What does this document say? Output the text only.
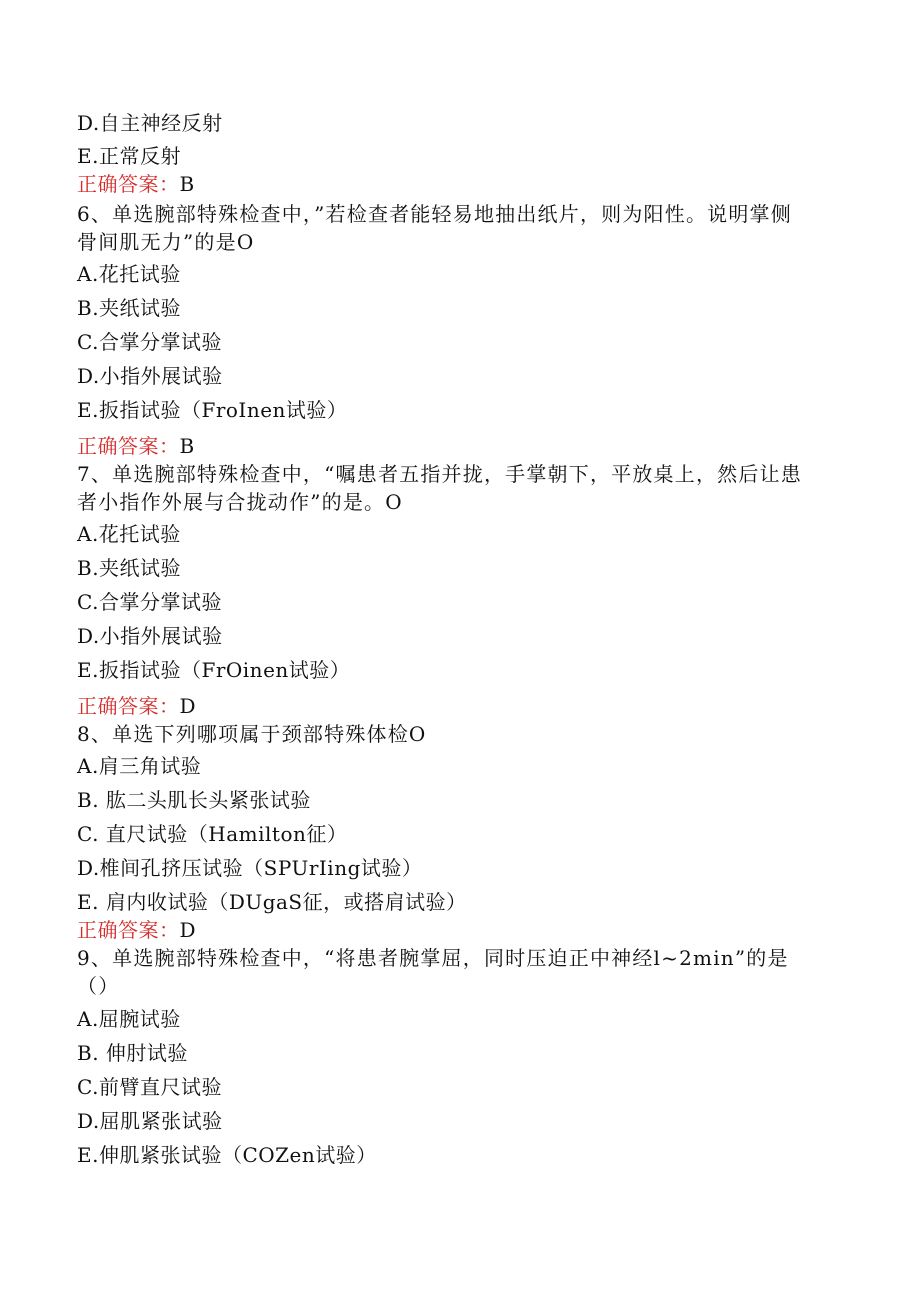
D.自主神经反射
E.正常反射
正确答案：B
6、单选腕部特殊检查中，”若检查者能轻易地抽出纸片，则为阳性。说明掌侧
骨间肌无力”的是O
A.花托试验
B.夹纸试验
C.合掌分掌试验
D.小指外展试验
E.扳指试验（FroInen试验）
正确答案：B
7、单选腕部特殊检查中，“嘱患者五指并拢，手掌朝下，平放桌上，然后让患
者小指作外展与合拢动作”的是。O
A.花托试验
B.夹纸试验
C.合掌分掌试验
D.小指外展试验
E.扳指试验（FrOinen试验）
正确答案：D
8、单选下列哪项属于颈部特殊体检O
A.肩三角试验
B. 肱二头肌长头紧张试验
C. 直尺试验（Hamilton征）
D.椎间孔挤压试验（SPUrIing试验）
E. 肩内收试验（DUgaS征，或搭肩试验）
正确答案：D
9、单选腕部特殊检查中，“将患者腕掌屈，同时压迫正中神经l~2min”的是
（）
A.屈腕试验
B. 伸肘试验
C.前臂直尺试验
D.屈肌紧张试验
E.伸肌紧张试验（COZen试验）
